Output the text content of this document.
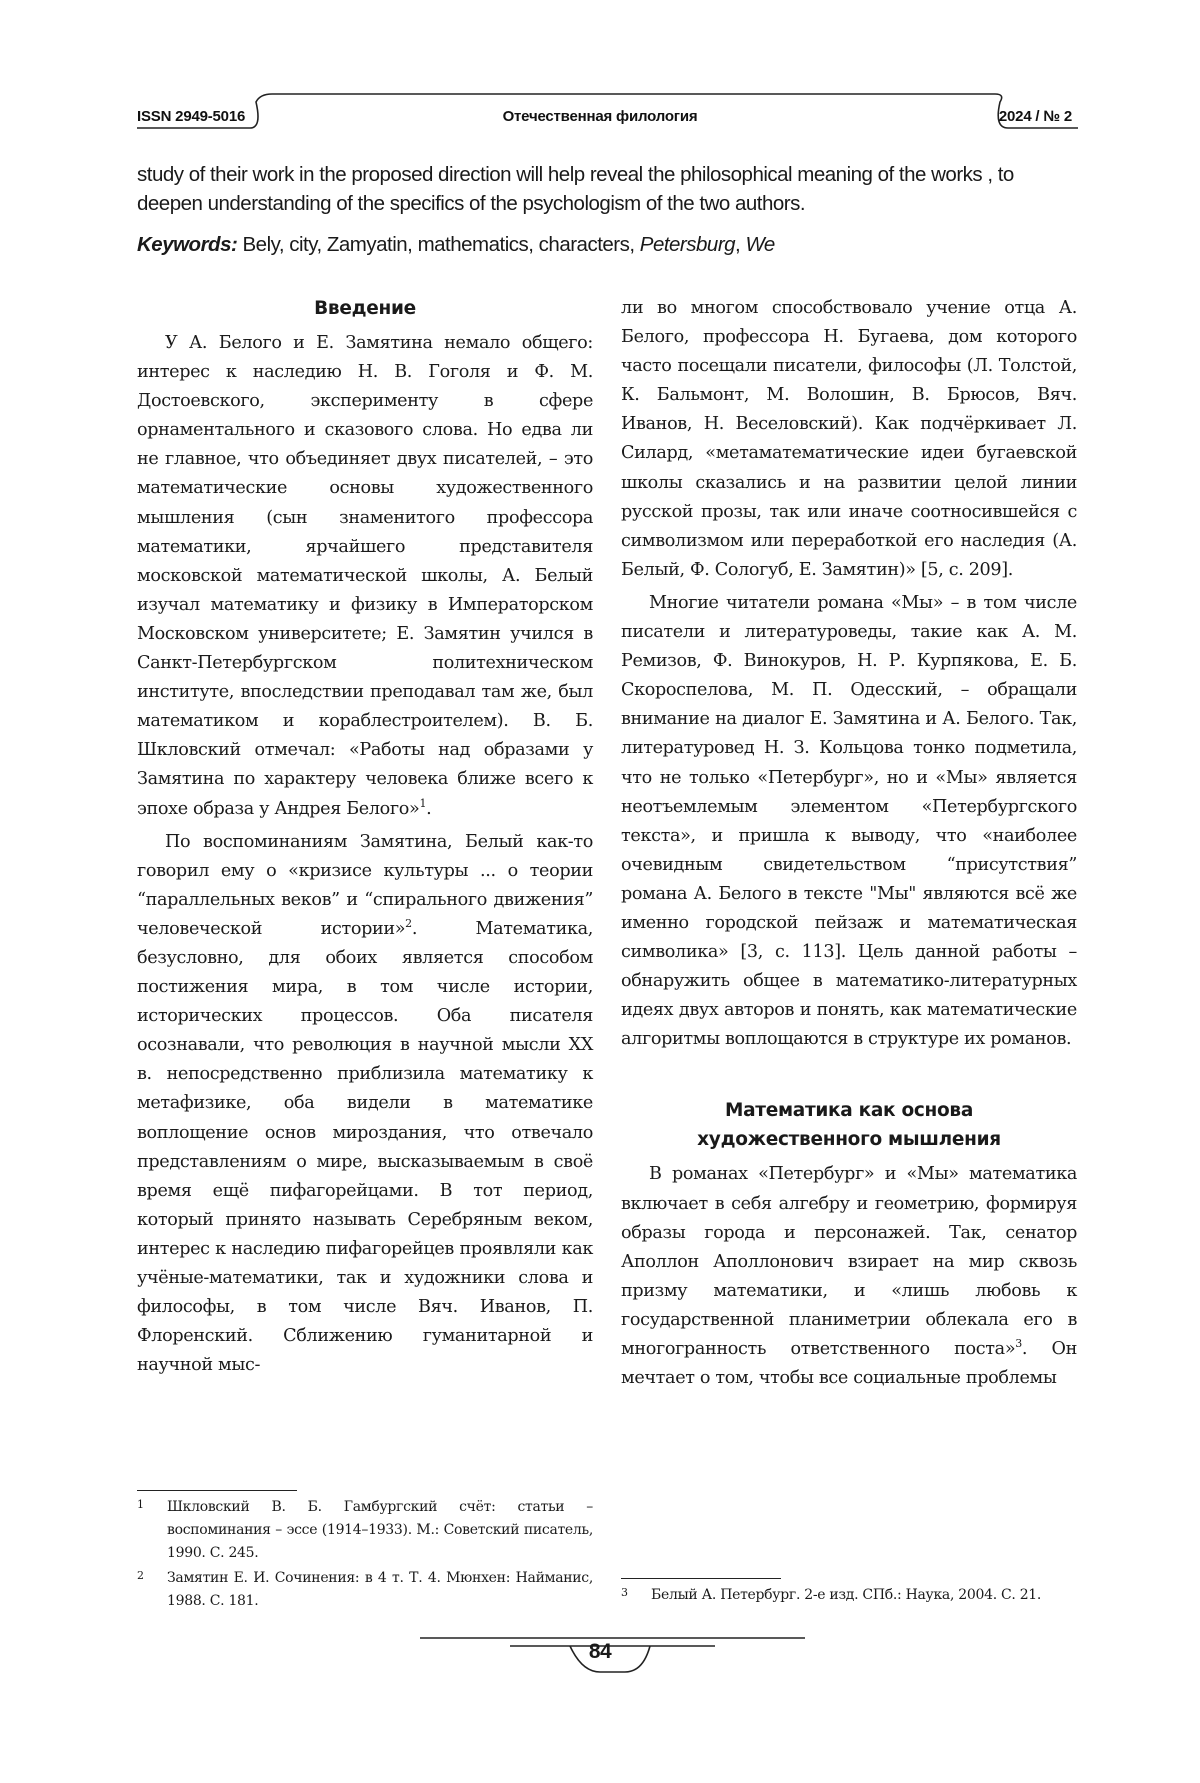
ISSN 2949-5016	Отечественная филология	2024 / № 2

study of their work in the proposed direction will help reveal the philosophical meaning of the works , to deepen understanding of the specifics of the psychologism of the two authors.

Keywords: Bely, city, Zamyatin, mathematics, characters, Petersburg, We
Введение

У А. Белого и Е. Замятина немало общего: интерес к наследию Н. В. Гоголя и Ф. М. Достоевского, эксперименту в сфере орнаментального и сказового слова. Но едва ли не главное, что объединяет двух писателей, – это математические основы художественного мышления (сын знаменитого профессора математики, ярчайшего представителя московской математической школы, А. Белый изучал математику и физику в Императорском Московском университете; Е. Замятин учился в Санкт-Петербургском политехническом институте, впоследствии преподавал там же, был математиком и кораблестроителем). В. Б. Шкловский отмечал: «Работы над образами у Замятина по характеру человека ближе всего к эпохе образа у Андрея Белого»$^1$.

По воспоминаниям Замятина, Белый как-то говорил ему о «кризисе культуры ... о теории “параллельных веков” и “спирального движения” человеческой истории»$^2$. Математика, безусловно, для обоих является способом постижения мира, в том числе истории, исторических процессов. Оба писателя осознавали, что революция в научной мысли XX в. непосредственно приблизила математику к метафизике, оба видели в математике воплощение основ мироздания, что отвечало представлениям о мире, высказываемым в своё время ещё пифагорейцами. В тот период, который принято называть Серебряным веком, интерес к наследию пифагорейцев проявляли как учёные-математики, так и художники слова и философы, в том числе Вяч. Иванов, П. Флоренский. Сближению гуманитарной и научной мыс-

ли во многом способствовало учение отца А. Белого, профессора Н. Бугаева, дом которого часто посещали писатели, философы (Л. Толстой, К. Бальмонт, М. Волошин, В. Брюсов, Вяч. Иванов, Н. Веселовский). Как подчёркивает Л. Силард, «метаматематические идеи бугаевской школы сказались и на развитии целой линии русской прозы, так или иначе соотносившейся с символизмом или переработкой его наследия (А. Белый, Ф. Сологуб, Е. Замятин)» [5, с. 209].

Многие читатели романа «Мы» – в том числе писатели и литературоведы, такие как А. М. Ремизов, Ф. Винокуров, Н. Р. Курпякова, Е. Б. Скороспелова, М. П. Одесский, – обращали внимание на диалог Е. Замятина и А. Белого. Так, литературовед Н. З. Кольцова тонко подметила, что не только «Петербург», но и «Мы» является неотъемлемым элементом «Петербургского текста», и пришла к выводу, что «наиболее очевидным свидетельством “присутствия” романа А. Белого в тексте "Мы" являются всё же именно городской пейзаж и математическая символика» [3, с. 113]. Цель данной работы – обнаружить общее в математико-литературных идеях двух авторов и понять, как математические алгоритмы воплощаются в структуре их романов.

Математика как основа
художественного мышления

В романах «Петербург» и «Мы» математика включает в себя алгебру и геометрию, формируя образы города и персонажей. Так, сенатор Аполлон Аполлонович взирает на мир сквозь призму математики, и «лишь любовь к государственной планиметрии облекала его в многогранность ответственного поста»$^3$. Он мечтает о том, чтобы все социальные проблемы

1 Шкловский В. Б. Гамбургский счёт: статьи – воспоминания – эссе (1914–1933). М.: Советский писатель, 1990. С. 245.

2 Замятин Е. И. Сочинения: в 4 т. Т. 4. Мюнхен: Найманис, 1988. С. 181.

3 Белый А. Петербург. 2-е изд. СПб.: Наука, 2004. С. 21.

84
